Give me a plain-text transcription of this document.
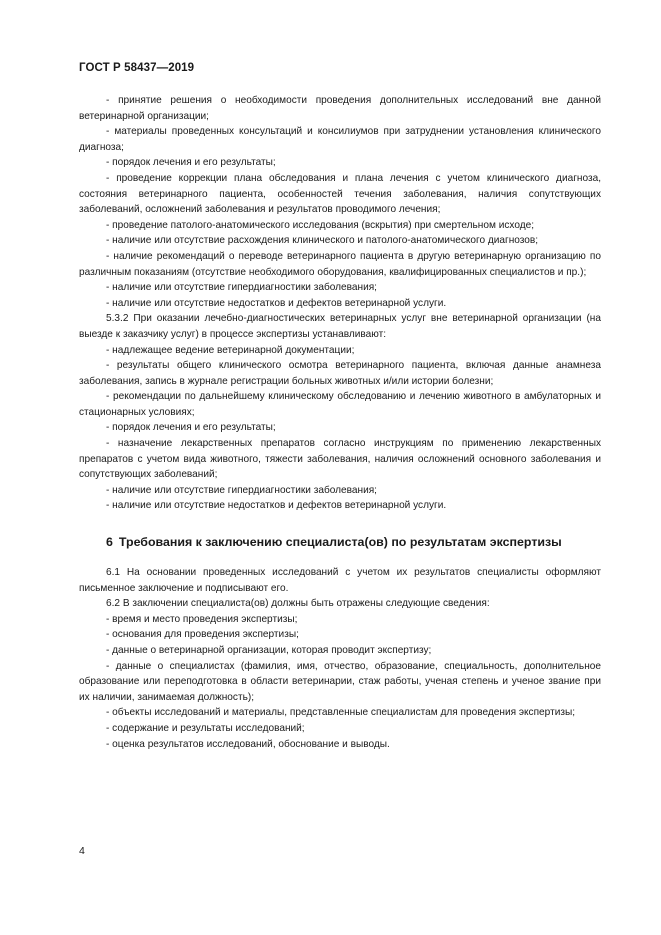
ГОСТ Р 58437—2019

- принятие решения о необходимости проведения дополнительных исследований вне данной ветеринарной организации;

- материалы проведенных консультаций и консилиумов при затруднении установления клинического диагноза;

- порядок лечения и его результаты;

- проведение коррекции плана обследования и плана лечения с учетом клинического диагноза, состояния ветеринарного пациента, особенностей течения заболевания, наличия сопутствующих заболеваний, осложнений заболевания и результатов проводимого лечения;

- проведение патолого-анатомического исследования (вскрытия) при смертельном исходе;

- наличие или отсутствие расхождения клинического и патолого-анатомического диагнозов;

- наличие рекомендаций о переводе ветеринарного пациента в другую ветеринарную организацию по различным показаниям (отсутствие необходимого оборудования, квалифицированных специалистов и пр.);

- наличие или отсутствие гипердиагностики заболевания;

- наличие или отсутствие недостатков и дефектов ветеринарной услуги.

5.3.2 При оказании лечебно-диагностических ветеринарных услуг вне ветеринарной организации (на выезде к заказчику услуг) в процессе экспертизы устанавливают:

- надлежащее ведение ветеринарной документации;

- результаты общего клинического осмотра ветеринарного пациента, включая данные анамнеза заболевания, запись в журнале регистрации больных животных и/или истории болезни;

- рекомендации по дальнейшему клиническому обследованию и лечению животного в амбулаторных и стационарных условиях;

- порядок лечения и его результаты;

- назначение лекарственных препаратов согласно инструкциям по применению лекарственных препаратов с учетом вида животного, тяжести заболевания, наличия осложнений основного заболевания и сопутствующих заболеваний;

- наличие или отсутствие гипердиагностики заболевания;

- наличие или отсутствие недостатков и дефектов ветеринарной услуги.

6 Требования к заключению специалиста(ов) по результатам экспертизы

6.1 На основании проведенных исследований с учетом их результатов специалисты оформляют письменное заключение и подписывают его.

6.2 В заключении специалиста(ов) должны быть отражены следующие сведения:

- время и место проведения экспертизы;

- основания для проведения экспертизы;

- данные о ветеринарной организации, которая проводит экспертизу;

- данные о специалистах (фамилия, имя, отчество, образование, специальность, дополнительное образование или переподготовка в области ветеринарии, стаж работы, ученая степень и ученое звание при их наличии, занимаемая должность);

- объекты исследований и материалы, представленные специалистам для проведения экспертизы;

- содержание и результаты исследований;

- оценка результатов исследований, обоснование и выводы.

4
